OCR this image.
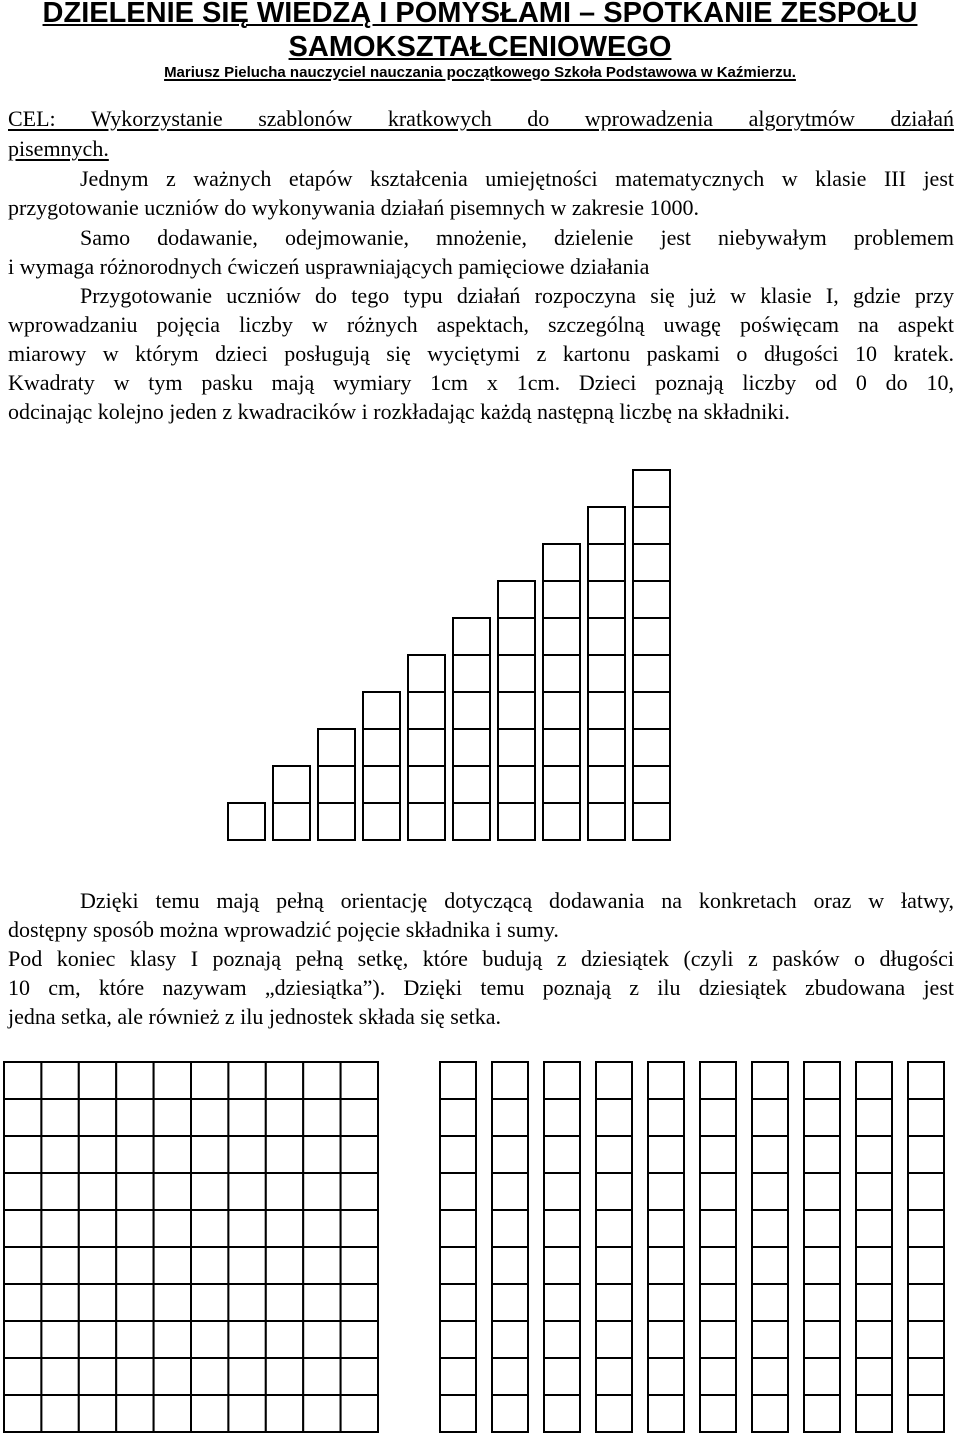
DZIELENIE SIĘ WIEDZĄ I POMYSŁAMI – SPOTKANIE ZESPOŁU
SAMOKSZTAŁCENIOWEGO
Mariusz Pielucha nauczyciel nauczania początkowego Szkoła Podstawowa w Kaźmierzu.
CEL: Wykorzystanie szablonów kratkowych do wprowadzenia algorytmów działań
pisemnych.
Jednym z ważnych etapów kształcenia umiejętności matematycznych w klasie III jest
przygotowanie uczniów do wykonywania działań pisemnych w zakresie 1000.
Samo dodawanie, odejmowanie, mnożenie, dzielenie jest niebywałym problemem
i wymaga różnorodnych ćwiczeń usprawniających pamięciowe działania
Przygotowanie uczniów do tego typu działań rozpoczyna się już w klasie I, gdzie przy
wprowadzaniu pojęcia liczby w różnych aspektach, szczególną uwagę poświęcam na aspekt
miarowy w którym dzieci posługują się wyciętymi z kartonu paskami o długości 10 kratek.
Kwadraty w tym pasku mają wymiary 1cm x 1cm. Dzieci poznają liczby od 0 do 10,
odcinając kolejno jeden z kwadracików i rozkładając każdą następną liczbę na składniki.
Dzięki temu mają pełną orientację dotyczącą dodawania na konkretach oraz w łatwy,
dostępny sposób można wprowadzić pojęcie składnika i sumy.
Pod koniec klasy I poznają pełną setkę, które budują z dziesiątek (czyli z pasków o długości
10 cm, które nazywam „dziesiątka”). Dzięki temu poznają z ilu dziesiątek zbudowana jest
jedna setka, ale również z ilu jednostek składa się setka.
